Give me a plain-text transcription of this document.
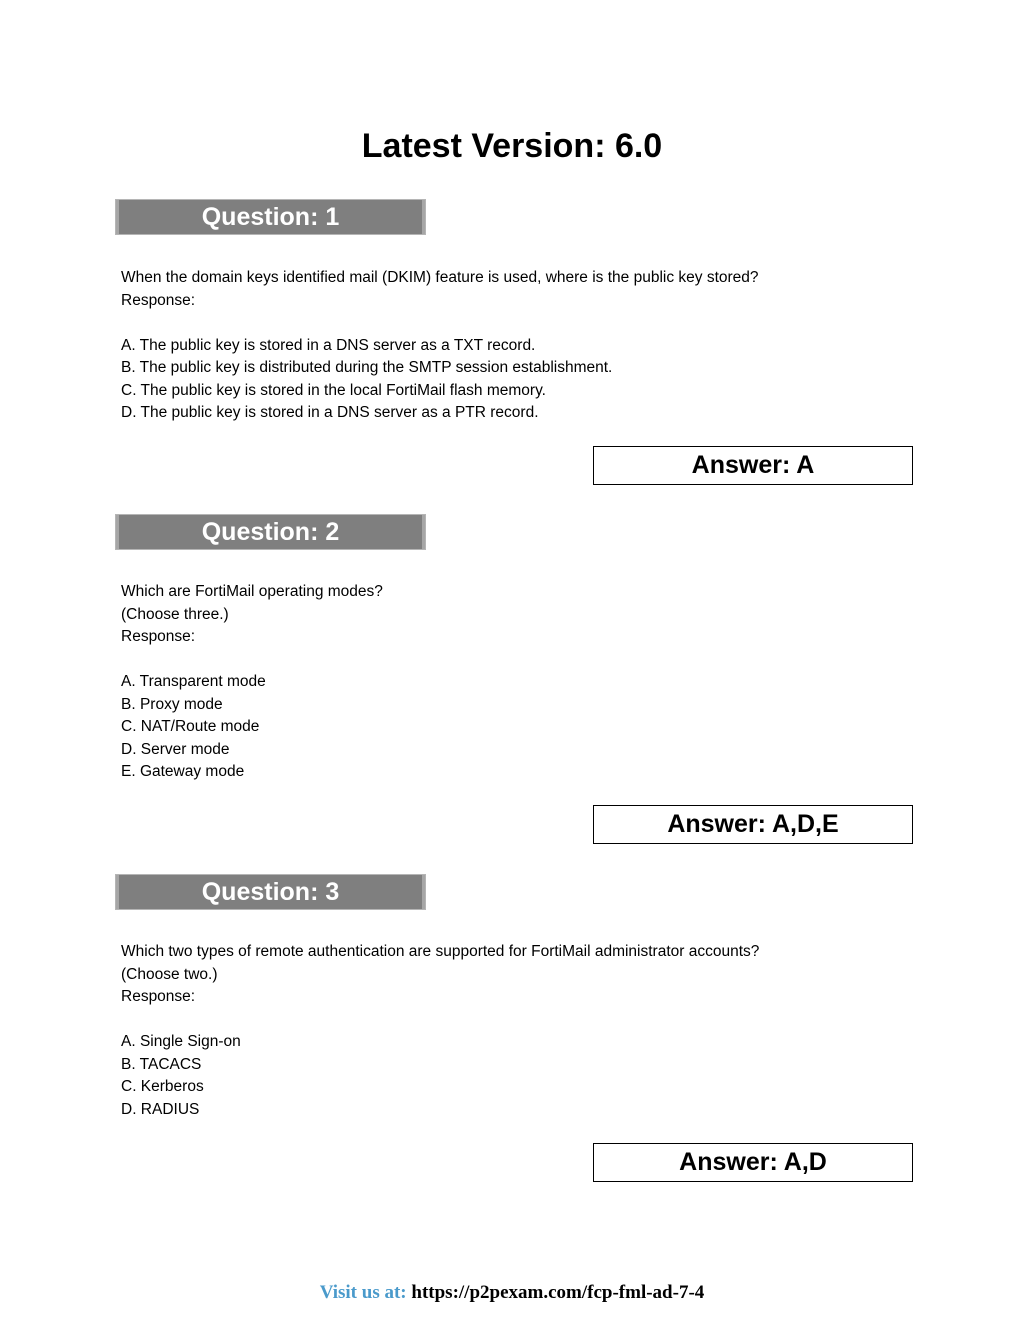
Latest Version: 6.0
Question: 1
When the domain keys identified mail (DKIM) feature is used, where is the public key stored?
Response:
A. The public key is stored in a DNS server as a TXT record.
B. The public key is distributed during the SMTP session establishment.
C. The public key is stored in the local FortiMail flash memory.
D. The public key is stored in a DNS server as a PTR record.
Answer: A
Question: 2
Which are FortiMail operating modes?
(Choose three.)
Response:
A. Transparent mode
B. Proxy mode
C. NAT/Route mode
D. Server mode
E. Gateway mode
Answer: A,D,E
Question: 3
Which two types of remote authentication are supported for FortiMail administrator accounts?
(Choose two.)
Response:
A. Single Sign-on
B. TACACS
C. Kerberos
D. RADIUS
Answer: A,D
Visit us at: https://p2pexam.com/fcp-fml-ad-7-4
